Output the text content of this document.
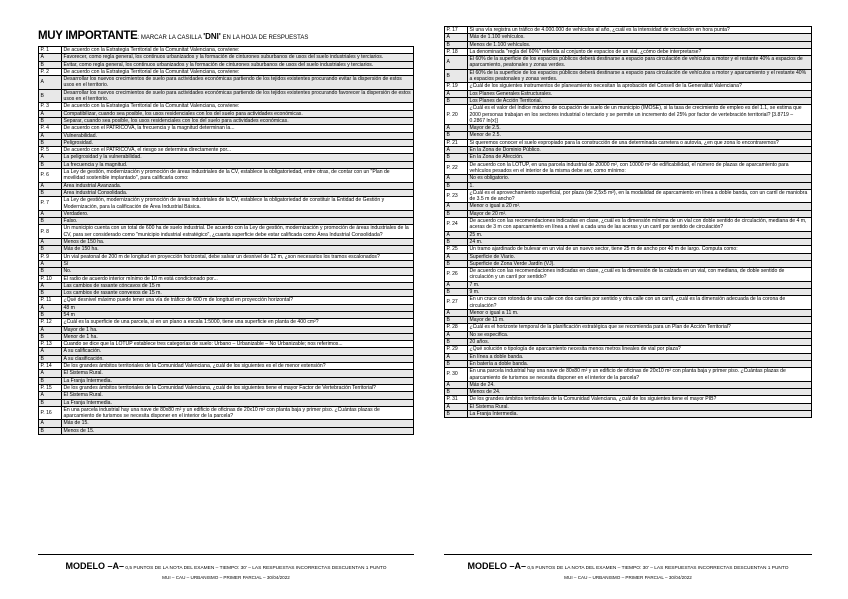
MUY IMPORTANTE: MARCAR LA CASILLA 'DNI' EN LA HOJA DE RESPUESTAS
P. 1	De acuerdo con la Estrategia Territorial de la Comunitat Valenciana, conviene:
A	Favorecer, como regla general, los continuos urbanizados y la formación de cinturones suburbanos de usos del suelo industriales y terciarios.
B	Evitar, como regla general, los continuos urbanizados y la formación de cinturones suburbanos de usos del suelo industriales y terciarios.
P. 2	De acuerdo con la Estrategia Territorial de la Comunitat Valenciana, conviene:
A	Desarrollar los nuevos crecimientos de suelo para actividades económicas partiendo de los tejidos existentes procurando evitar la dispersión de estos usos en el territorio.
B	Desarrollar los nuevos crecimientos de suelo para actividades económicas partiendo de los tejidos existentes procurando favorecer la dispersión de estos usos en el territorio.
P. 3	De acuerdo con la Estrategia Territorial de la Comunitat Valenciana, conviene:
A	Compatibilizar, cuando sea posible, los usos residenciales con los del suelo para actividades económicas.
B	Separar, cuando sea posible, los usos residenciales con los del suelo para actividades económicas.
P. 4	De acuerdo con el PATRICOVA, la frecuencia y la magnitud determinan la...
A	Vulnerabilidad.
B	Peligrosidad.
P. 5	De acuerdo con el PATRICOVA, el riesgo se determina directamente por...
A	La peligrosidad y la vulnerabilidad.
B	La frecuencia y la magnitud.
P. 6	La Ley de gestión, modernización y promoción de áreas industriales de la CV, establece la obligatoriedad, entre otras, de contar con un "Plan de movilidad sostenible implantado", para calificarla como:
A	Área industrial Avanzada.
B	Área industrial Consolidada.
P. 7	La Ley de gestión, modernización y promoción de áreas industriales de la CV, establece la obligatoriedad de constituir la Entidad de Gestión y Modernización, para la calificación de Área Industrial Básica.
A	Verdadero.
B	Falso.
P. 8	Un municipio cuenta con un total de 600 ha de suelo industrial. De acuerdo con la Ley de gestión, modernización y promoción de áreas industriales de la CV, para ser considerado como "municipio industrial estratégico", ¿cuanta superficie debe estar calificada como Área Industrial Consolidada?
A	Menos de 150 ha.
B	Más de 150 ha.
P. 9	Un vial peatonal de 200 m de longitud en proyección horizontal, debe salvar un desnivel de 12 m, ¿son necesarios los tramos escalonados?
A	Sí
B	No.
P. 10	El radio de acuerdo interior mínimo de 10 m está condicionado por...
A	Las cambios de rasante cóncavos de 15 m
B	Los cambios de rasante convexos de 15 m.
P. 11	¿Qué desnivel máximo puede tener una vía de tráfico de 600 m de longitud en proyección horizontal?
A	48 m
B	54 m
P. 12	¿Cuál es la superficie de una parcela, si en un plano a escala 1:5000, tiene una superficie en planta de 400 cm²?
A	Mayor de 1 ha.
B	Menor de 1 ha.
P. 13	Cuando se dice que la LOTUP establece tres categorías de suelo: Urbano – Urbanizable – No Urbanizable; nos referimos...
A	A su calificación.
B	A su clasificación.
P. 14	De los grandes ámbitos territoriales de la Comunidad Valenciana, ¿cuál de los siguientes es el de menor extensión?
A	El Sistema Rural.
B	La Franja Intermedia.
P. 15	De los grandes ámbitos territoriales de la Comunidad Valenciana, ¿cuál de los siguientes tiene el mayor Factor de Vertebración Territorial?
A	El Sistema Rural.
B	La Franja Intermedia.
P. 16	En una parcela industrial hay una nave de 80x80 m² y un edificio de oficinas de 20x10 m² con planta baja y primer piso. ¿Cuántas plazas de aparcamiento de turismos se necesita disponer en el interior de la parcela?
A	Más de 15.
B	Menos de 15.
P. 17	Si una vía registra un tráfico de 4.000.000 de vehículos al año, ¿cuál es la intensidad de circulación en hora punta?
A	Más de 1.100 vehículos.
B	Menos de 1.100 vehículos.
P. 18	La denominada "regla del 60%" referida al conjunto de espacios de un vial, ¿cómo debe interpretarse?
A	El 60% de la superficie de los espacios públicos deberá destinarse a espacio para circulación de vehículos a motor y el restante 40% a espacios de aparcamiento, peatonales y zonas verdes.
B	El 60% de la superficie de los espacios públicos deberá destinarse a espacio para circulación de vehículos a motor y aparcamiento y el restante 40% a espacios peatonales y zonas verdes.
P. 19	¿Cuál de los siguientes instrumentos de planeamiento necesitan la aprobación del Consell de la Generalitat Valenciana?
A	Los Planes Generales Estructurales.
B	Los Planes de Acción Territorial.
P. 20	¿Cuál es el valor del índice máximo de ocupación de suelo de un municipio (IMOSE), si la tasa de crecimiento de empleo es del 1.1, se estima que 2000 personas trabajan en los sectores industrial o terciario y se permite un incremento del 25% por factor de vertebración territorial? [3.8719 – 0.2867 ln(x)]
A	Mayor de 2.5.
B	Menor de 2.5.
P. 21	Si queremos conocer el suelo expropiado para la construcción de una determinada carretera o autovía, ¿en que zona lo encontraremos?
A	En la Zona de Dominio Público.
B	En la Zona de Afección.
P. 22	De acuerdo con la LOTUP, en una parcela industrial de 20000 m², con 10000 m² de edificabilidad, el número de plazas de aparcamiento para vehículos pesados en el interior de la misma debe ser, como mínimo:
A	No es obligatorio.
B	1.
P. 23	¿Cuál es el aprovechamiento superficial, por plaza (de 2,5x5 m²), en la modalidad de aparcamiento en línea a doble banda, con un carril de maniobra de 3.5 m de ancho?
A	Menor o igual a 20 m².
B	Mayor de 20 m².
P. 24	De acuerdo con las recomendaciones indicadas en clase, ¿cuál es la dimensión mínima de un vial con doble sentido de circulación, mediana de 4 m, aceras de 3 m con aparcamiento en línea a nivel a cada una de las aceras y un carril por sentido de circulación?
A	25 m.
B	24 m.
P. 25	Un tramo ajardinado de bulevar en un vial de un nuevo sector, tiene 25 m de ancho por 40 m de largo. Computa como:
A	Superficie de Viario.
B	Superficie de Zona Verde Jardín (VJ).
P. 26	De acuerdo con las recomendaciones indicadas en clase, ¿cuál es la dimensión de la calzada en un vial, con mediana, de doble sentido de circulación y un carril por sentido?
A	7 m.
B	9 m.
P. 27	En un cruce con rotonda de una calle con dos carriles por sentido y otra calle con un carril, ¿cuál es la dimensión adecuada de la corona de circulación?
A	Menor o igual a 11 m.
B	Mayor de 11 m.
P. 28	¿Cuál es el horizonte temporal de la planificación estratégica que se recomienda para un Plan de Acción Territorial?
A	No se especifica.
B	20 años.
P. 29	¿Qué solución o tipología de aparcamiento necesita menos metros lineales de vial por plaza?
A	En línea a doble banda.
B	En batería a doble banda.
P. 30	En una parcela industrial hay una nave de 80x80 m² y un edificio de oficinas de 20x10 m² con planta baja y primer piso. ¿Cuántas plazas de aparcamiento de turismos se necesita disponer en el interior de la parcela?
A	Más de 24.
B	Menos de 24.
P. 31	De los grandes ámbitos territoriales de la Comunidad Valenciana, ¿cuál de los siguientes tiene el mayor PIB?
A	El Sistema Rural.
B	La Franja Intermedia.
MODELO –A– 0,5 PUNTOS DE LA NOTA DEL EXAMEN – TIEMPO: 30' – LAS RESPUESTAS INCORRECTAS DESCUENTAN 1 PUNTO
MUI – CAU – URBANISMO – PRIMER PARCIAL – 30/04/2022
MODELO –A– 0,5 PUNTOS DE LA NOTA DEL EXAMEN – TIEMPO: 30' – LAS RESPUESTAS INCORRECTAS DESCUENTAN 1 PUNTO
MUI – CAU – URBANISMO – PRIMER PARCIAL – 30/04/2022
